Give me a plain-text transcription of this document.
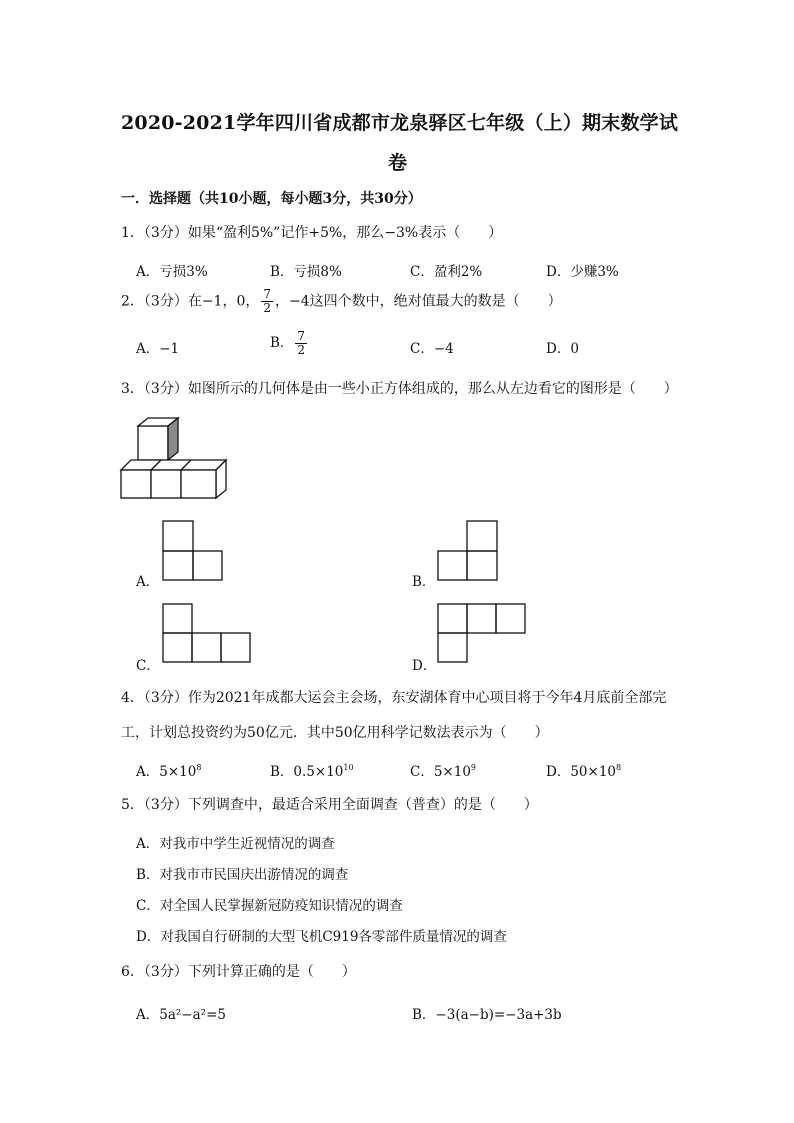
2020-2021学年四川省成都市龙泉驿区七年级（上）期末数学试
卷
一．选择题（共10小题，每小题3分，共30分）
1．（3分）如果“盈利5%”记作+5%，那么−3%表示（　　）
A．亏损3%	B．亏损8%	C．盈利2%	D．少赚3%
2．（3分）在−1，0， $\frac{7}{2}$ ，−4这四个数中，绝对值最大的数是（　　）
A．−1	B． $\frac{7}{2}$	C．−4	D．0
3．（3分）如图所示的几何体是由一些小正方体组成的，那么从左边看它的图形是（　　）
A．	B．
C．	D．
4．（3分）作为2021年成都大运会主会场，东安湖体育中心项目将于今年4月底前全部完
工，计划总投资约为50亿元．其中50亿用科学记数法表示为（　　）
A．$5\times 10^8$	B．$0.5\times 10^{10}$	C．$5\times 10^9$	D．$50\times 10^8$
5．（3分）下列调查中，最适合采用全面调查（普查）的是（　　）
A．对我市中学生近视情况的调查
B．对我市市民国庆出游情况的调查
C．对全国人民掌握新冠防疫知识情况的调查
D．对我国自行研制的大型飞机C919各零部件质量情况的调查
6．（3分）下列计算正确的是（　　）
A．5a²−a²=5	B．−3(a−b)=−3a+3b
